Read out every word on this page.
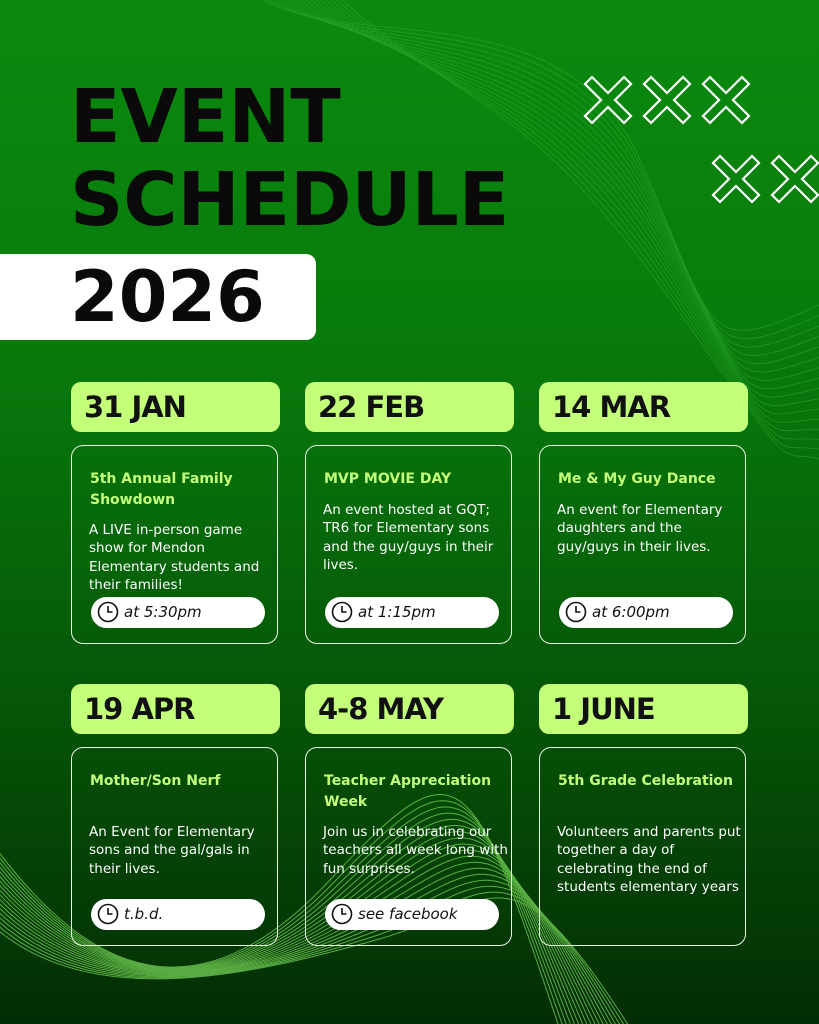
EVENT
SCHEDULE
2026
31 JAN
5th Annual Family Showdown
A LIVE in-person game show for Mendon Elementary students and their families!
at 5:30pm
22 FEB
MVP MOVIE DAY
An event hosted at GQT; TR6 for Elementary sons and the guy/guys in their lives.
at 1:15pm
14 MAR
Me & My Guy Dance
An event for Elementary daughters and the guy/guys in their lives.
at 6:00pm
19 APR
Mother/Son Nerf
An Event for Elementary sons and the gal/gals in their lives.
t.b.d.
4-8 MAY
Teacher Appreciation Week
Join us in celebrating our teachers all week long with fun surprises.
see facebook
1 JUNE
5th Grade Celebration
Volunteers and parents put together a day of celebrating the end of students elementary years
